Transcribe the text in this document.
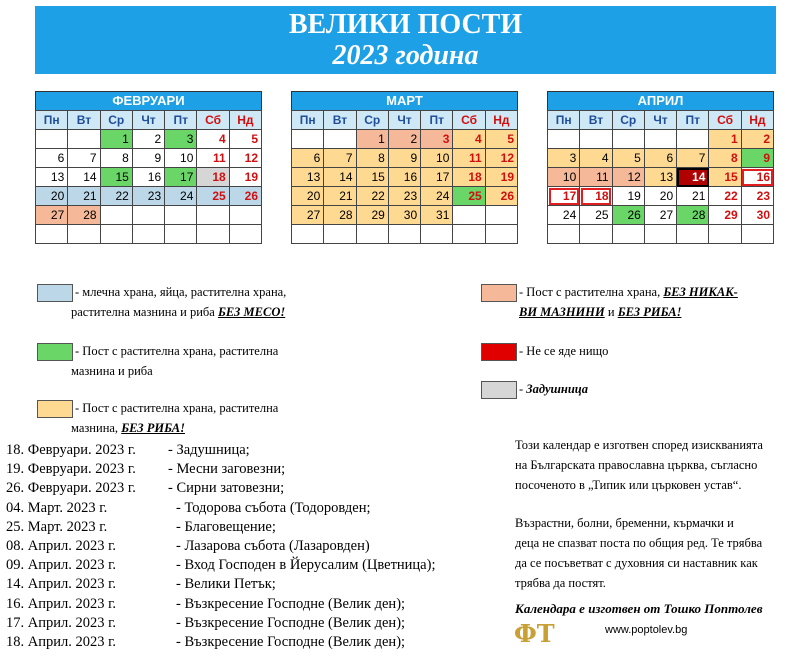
ВЕЛИКИ ПОСТИ
2023 година
ФЕВРУАРИ
Пн	Вт	Ср	Чт	Пт	Сб	Нд
		1	2	3	4	5
6	7	8	9	10	11	12
13	14	15	16	17	18	19
20	21	22	23	24	25	26
27	28					

МАРТ
Пн	Вт	Ср	Чт	Пт	Сб	Нд
		1	2	3	4	5
6	7	8	9	10	11	12
13	14	15	16	17	18	19
20	21	22	23	24	25	26
27	28	29	30	31		

АПРИЛ
Пн	Вт	Ср	Чт	Пт	Сб	Нд
					1	2
3	4	5	6	7	8	9
10	11	12	13	14	15	16
17	18	19	20	21	22	23
24	25	26	27	28	29	30

- млечна храна, яйца, растителна храна,
растителна мазнина и риба БЕЗ МЕСО!
- Пост с растителна храна, растителна
мазнина и риба
- Пост с растителна храна, растителна
мазнина, БЕЗ РИБА!
- Пост с растителна храна, БЕЗ НИКАК-
ВИ МАЗНИНИ и БЕЗ РИБА!
- Не се яде нищо
- Задушница
18. Февруари. 2023 г. - Задушница;
19. Февруари. 2023 г. - Месни заговезни;
26. Февруари. 2023 г. - Сирни затовезни;
04. Март. 2023 г.	- Тодорова събота (Тодоровден;
25. Март. 2023 г.	- Благовещение;
08. Април. 2023 г.	- Лазарова събота (Лазаровден)
09. Април. 2023 г.	- Вход Господен в Йерусалим (Цветница);
14. Април. 2023 г.	- Велики Петък;
16. Април. 2023 г.	- Възкресение Господне (Велик ден);
17. Април. 2023 г.	- Възкресение Господне (Велик ден);
18. Април. 2023 г.	- Възкресение Господне (Велик ден);
Този календар е изготвен според изискванията
на Българската православна църква, съгласно
посоченото в „Типик или църковен устав“.
Възрастни, болни, бременни, кърмачки и
деца не спазват поста по общия ред. Те трябва
да се посъветват с духовния си наставник как
трябва да постят.
Календара е изготвен от Тошко Поптолев
ФТ	www.poptolev.bg
